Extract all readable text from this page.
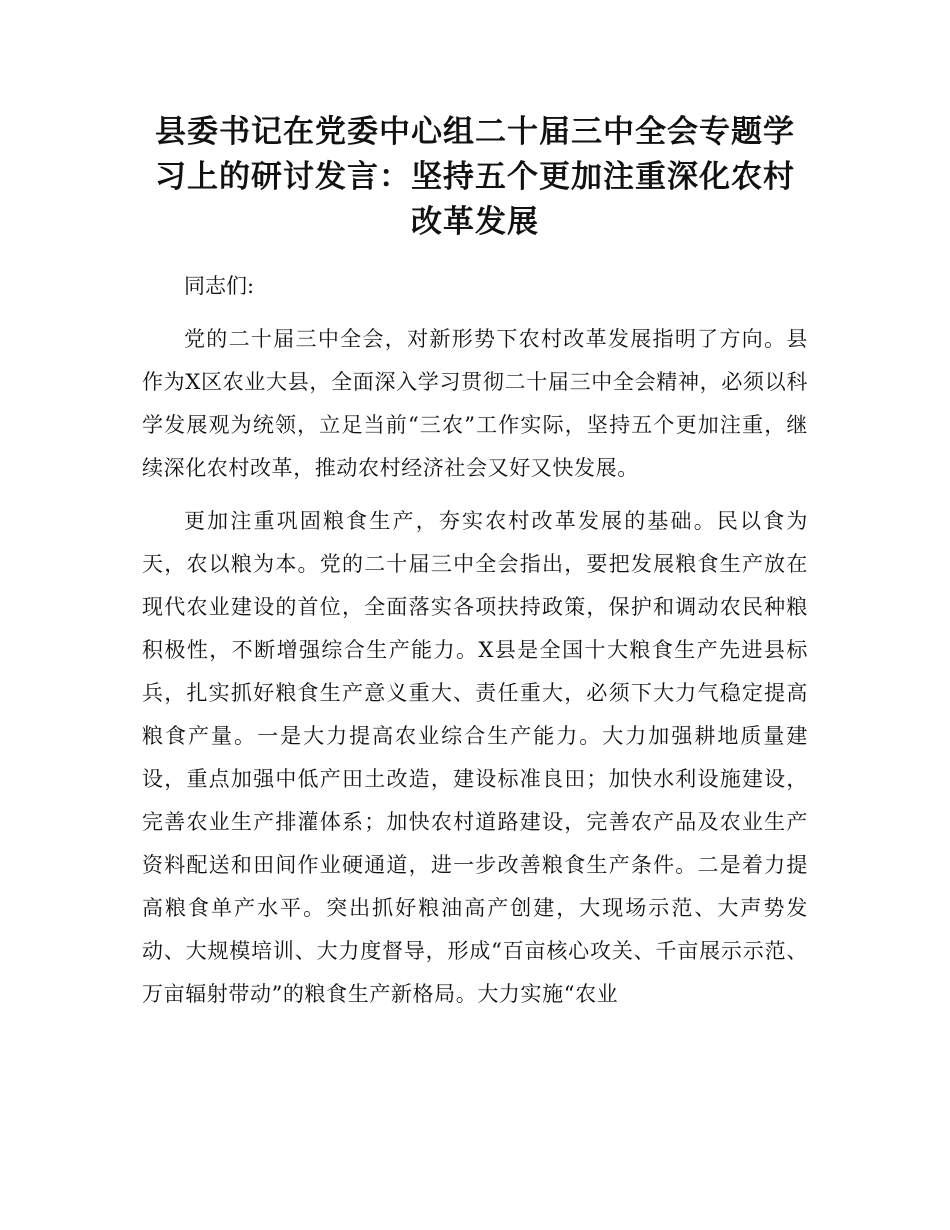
县委书记在党委中心组二十届三中全会专题学
习上的研讨发言：坚持五个更加注重深化农村
改革发展

同志们:

党的二十届三中全会，对新形势下农村改革发展指明了方向。县作为X区农业大县，全面深入学习贯彻二十届三中全会精神，必须以科学发展观为统领，立足当前“三农”工作实际，坚持五个更加注重，继续深化农村改革，推动农村经济社会又好又快发展。

更加注重巩固粮食生产，夯实农村改革发展的基础。民以食为天，农以粮为本。党的二十届三中全会指出，要把发展粮食生产放在现代农业建设的首位，全面落实各项扶持政策，保护和调动农民种粮积极性，不断增强综合生产能力。X县是全国十大粮食生产先进县标兵，扎实抓好粮食生产意义重大、责任重大，必须下大力气稳定提高粮食产量。一是大力提高农业综合生产能力。大力加强耕地质量建设，重点加强中低产田土改造，建设标准良田；加快水利设施建设，完善农业生产排灌体系；加快农村道路建设，完善农产品及农业生产资料配送和田间作业硬通道，进一步改善粮食生产条件。二是着力提高粮食单产水平。突出抓好粮油高产创建，大现场示范、大声势发动、大规模培训、大力度督导，形成“百亩核心攻关、千亩展示示范、万亩辐射带动”的粮食生产新格局。大力实施“农业
